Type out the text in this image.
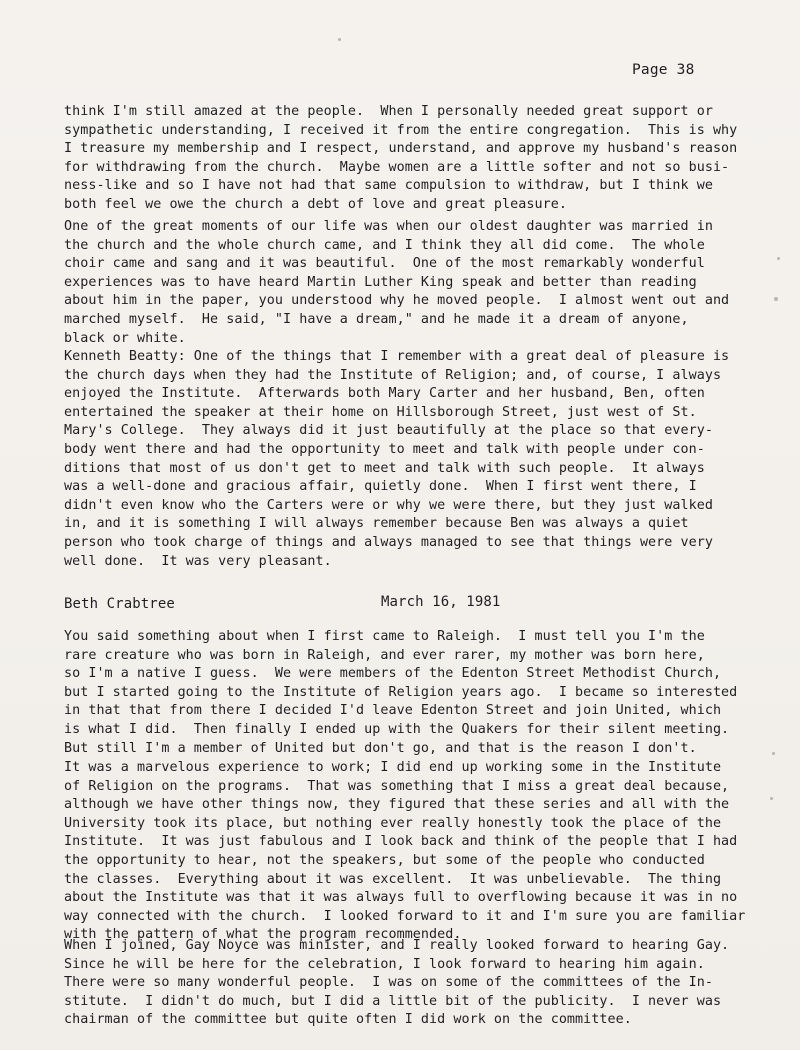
Page 38
think I'm still amazed at the people.  When I personally needed great support or
sympathetic understanding, I received it from the entire congregation.  This is why
I treasure my membership and I respect, understand, and approve my husband's reason
for withdrawing from the church.  Maybe women are a little softer and not so busi-
ness-like and so I have not had that same compulsion to withdraw, but I think we
both feel we owe the church a debt of love and great pleasure.
One of the great moments of our life was when our oldest daughter was married in
the church and the whole church came, and I think they all did come.  The whole
choir came and sang and it was beautiful.  One of the most remarkably wonderful
experiences was to have heard Martin Luther King speak and better than reading
about him in the paper, you understood why he moved people.  I almost went out and
marched myself.  He said, "I have a dream," and he made it a dream of anyone,
black or white.
Kenneth Beatty: One of the things that I remember with a great deal of pleasure is
the church days when they had the Institute of Religion; and, of course, I always
enjoyed the Institute.  Afterwards both Mary Carter and her husband, Ben, often
entertained the speaker at their home on Hillsborough Street, just west of St.
Mary's College.  They always did it just beautifully at the place so that every-
body went there and had the opportunity to meet and talk with people under con-
ditions that most of us don't get to meet and talk with such people.  It always
was a well-done and gracious affair, quietly done.  When I first went there, I
didn't even know who the Carters were or why we were there, but they just walked
in, and it is something I will always remember because Ben was always a quiet
person who took charge of things and always managed to see that things were very
well done.  It was very pleasant.
Beth Crabtree	March 16, 1981
You said something about when I first came to Raleigh.  I must tell you I'm the
rare creature who was born in Raleigh, and ever rarer, my mother was born here,
so I'm a native I guess.  We were members of the Edenton Street Methodist Church,
but I started going to the Institute of Religion years ago.  I became so interested
in that that from there I decided I'd leave Edenton Street and join United, which
is what I did.  Then finally I ended up with the Quakers for their silent meeting.
But still I'm a member of United but don't go, and that is the reason I don't.
It was a marvelous experience to work; I did end up working some in the Institute
of Religion on the programs.  That was something that I miss a great deal because,
although we have other things now, they figured that these series and all with the
University took its place, but nothing ever really honestly took the place of the
Institute.  It was just fabulous and I look back and think of the people that I had
the opportunity to hear, not the speakers, but some of the people who conducted
the classes.  Everything about it was excellent.  It was unbelievable.  The thing
about the Institute was that it was always full to overflowing because it was in no
way connected with the church.  I looked forward to it and I'm sure you are familiar
with the pattern of what the program recommended.
When I joined, Gay Noyce was minister, and I really looked forward to hearing Gay.
Since he will be here for the celebration, I look forward to hearing him again.
There were so many wonderful people.  I was on some of the committees of the In-
stitute.  I didn't do much, but I did a little bit of the publicity.  I never was
chairman of the committee but quite often I did work on the committee.
